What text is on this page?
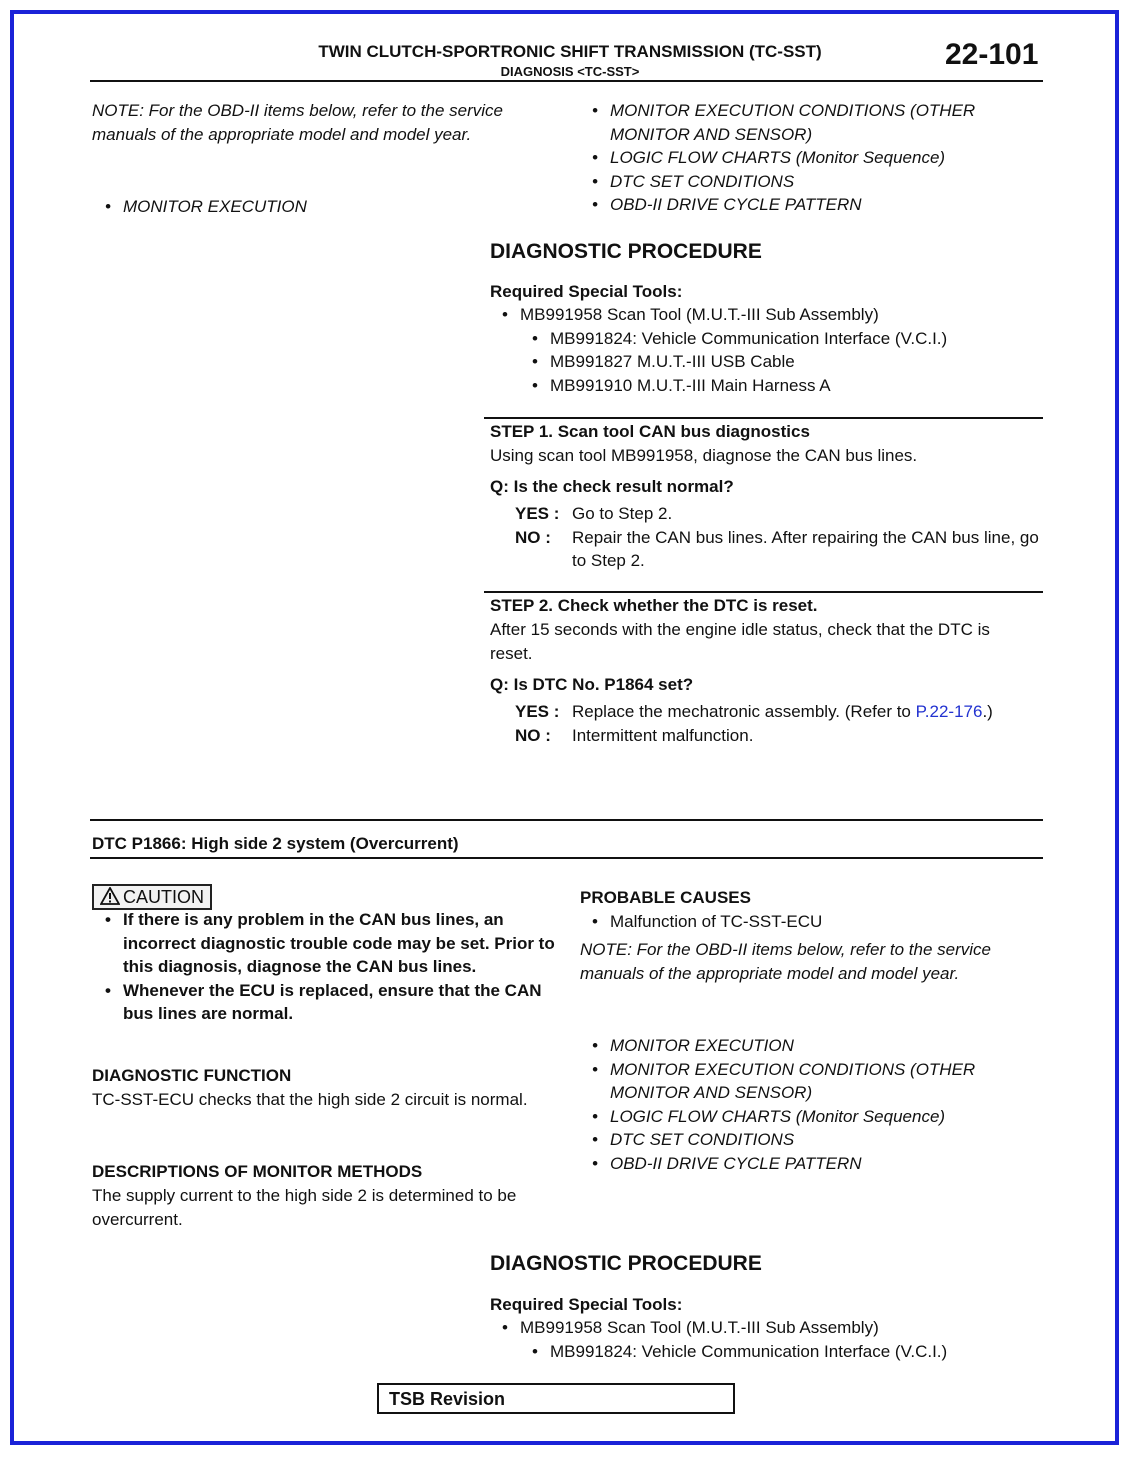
TWIN CLUTCH-SPORTRONIC SHIFT TRANSMISSION (TC-SST)
DIAGNOSIS <TC-SST>
22-101
NOTE: For the OBD-II items below, refer to the service manuals of the appropriate model and model year.
• MONITOR EXECUTION
• MONITOR EXECUTION CONDITIONS (OTHER MONITOR AND SENSOR)
• LOGIC FLOW CHARTS (Monitor Sequence)
• DTC SET CONDITIONS
• OBD-II DRIVE CYCLE PATTERN
DIAGNOSTIC PROCEDURE
Required Special Tools:
• MB991958 Scan Tool (M.U.T.-III Sub Assembly)
• MB991824: Vehicle Communication Interface (V.C.I.)
• MB991827 M.U.T.-III USB Cable
• MB991910 M.U.T.-III Main Harness A
STEP 1. Scan tool CAN bus diagnostics
Using scan tool MB991958, diagnose the CAN bus lines.
Q: Is the check result normal?
YES : Go to Step 2.
NO :	Repair the CAN bus lines. After repairing the CAN bus line, go to Step 2.
STEP 2. Check whether the DTC is reset.
After 15 seconds with the engine idle status, check that the DTC is reset.
Q: Is DTC No. P1864 set?
YES : Replace the mechatronic assembly. (Refer to P.22-176.)
NO :	Intermittent malfunction.
DTC P1866: High side 2 system (Overcurrent)
CAUTION
• If there is any problem in the CAN bus lines, an incorrect diagnostic trouble code may be set. Prior to this diagnosis, diagnose the CAN bus lines.
• Whenever the ECU is replaced, ensure that the CAN bus lines are normal.
DIAGNOSTIC FUNCTION
TC-SST-ECU checks that the high side 2 circuit is normal.
DESCRIPTIONS OF MONITOR METHODS
The supply current to the high side 2 is determined to be overcurrent.
PROBABLE CAUSES
• Malfunction of TC-SST-ECU
NOTE: For the OBD-II items below, refer to the service manuals of the appropriate model and model year.
• MONITOR EXECUTION
• MONITOR EXECUTION CONDITIONS (OTHER MONITOR AND SENSOR)
• LOGIC FLOW CHARTS (Monitor Sequence)
• DTC SET CONDITIONS
• OBD-II DRIVE CYCLE PATTERN
DIAGNOSTIC PROCEDURE
Required Special Tools:
• MB991958 Scan Tool (M.U.T.-III Sub Assembly)
• MB991824: Vehicle Communication Interface (V.C.I.)
TSB Revision
